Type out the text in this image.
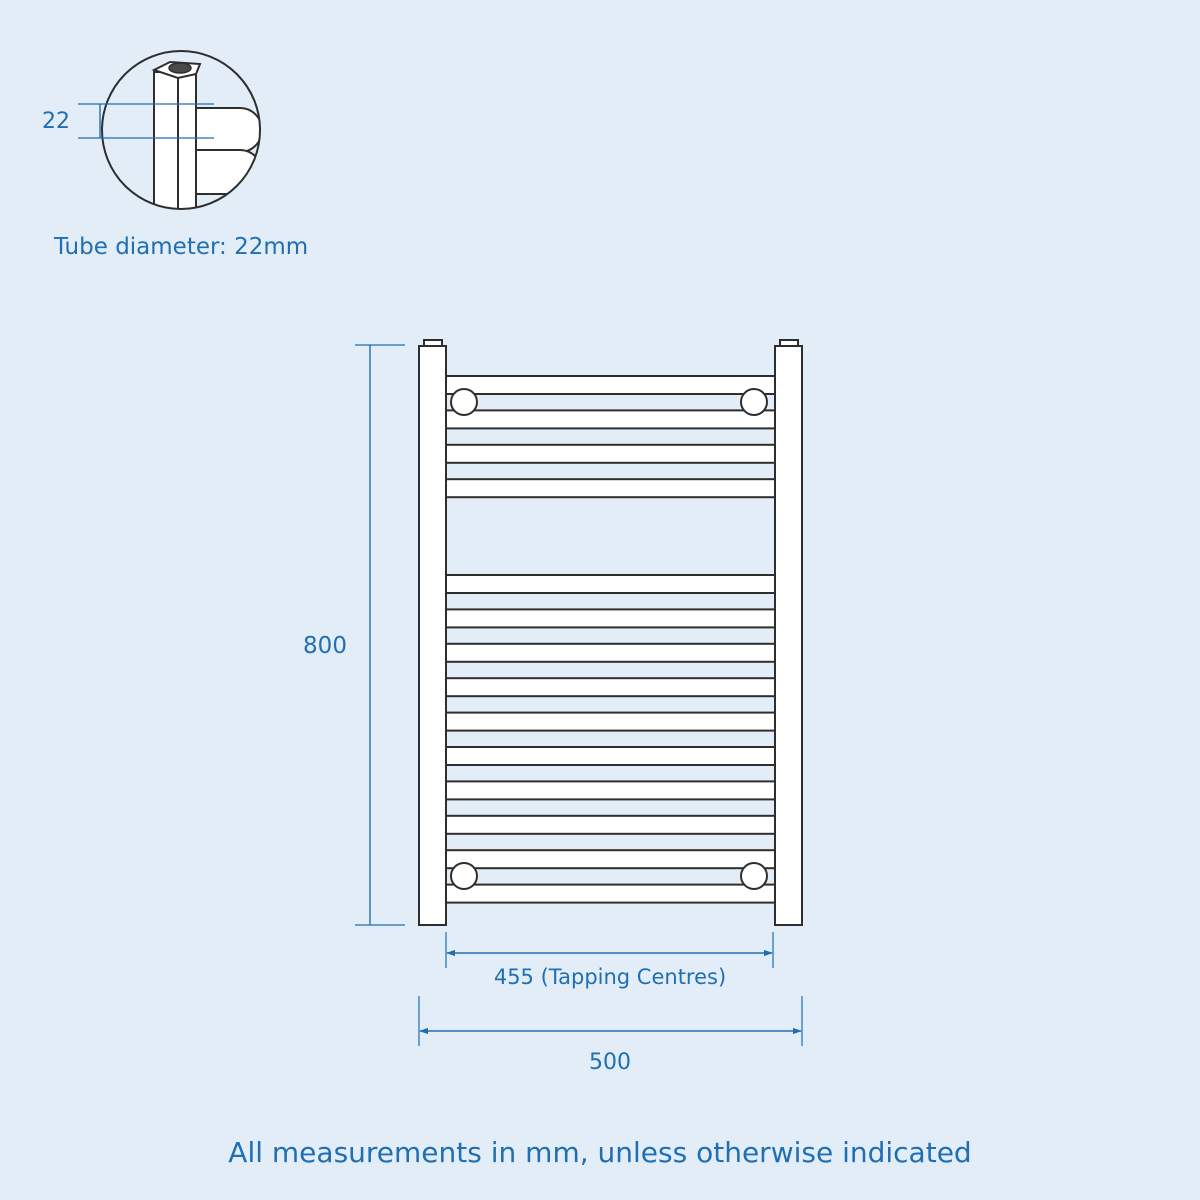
22
Tube diameter: 22mm
800
455 (Tapping Centres)
500
All measurements in mm, unless otherwise indicated
